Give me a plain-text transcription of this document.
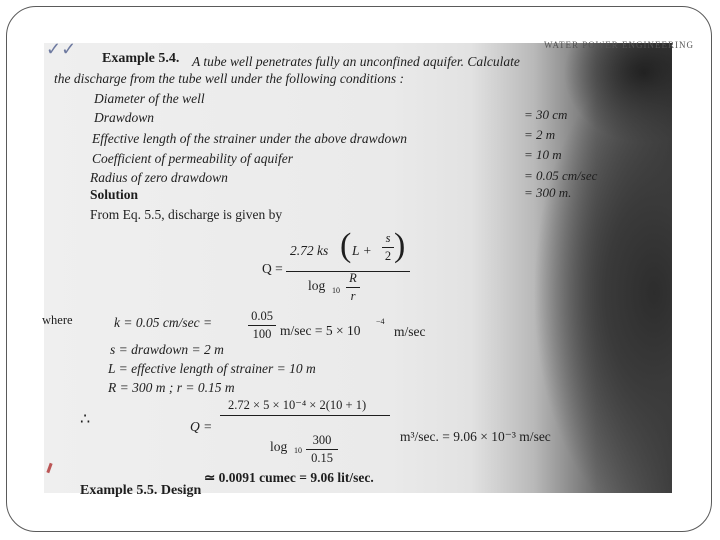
✓✓	WATER POWER ENGINEERING
Example 5.4. A tube well penetrates fully an unconfined aquifer. Calculate
the discharge from the tube well under the following conditions :
Diameter of the well
= 30 cm
Drawdown
= 2 m
Effective length of the strainer under the above drawdown
= 10 m
Coefficient of permeability of aquifer
= 0.05 cm/sec
Radius of zero drawdown
= 300 m.
Solution
From Eq. 5.5, discharge is given by
Q =
2.72 ks ( L +
s
2 )
log 10
R
r
where	k = 0.05 cm/sec =	0.05
100 m/sec = 5 × 10
−4
m/sec
s = drawdown = 2 m
L = effective length of strainer = 10 m
R = 300 m ; r = 0.15 m
∴	Q =
2.72 × 5 × 10⁻⁴ × 2(10 + 1)
log 10
300
0.15
m³/sec. = 9.06 × 10⁻³ m/sec
≃ 0.0091 cumec = 9.06 lit/sec.
Example 5.5. Design
